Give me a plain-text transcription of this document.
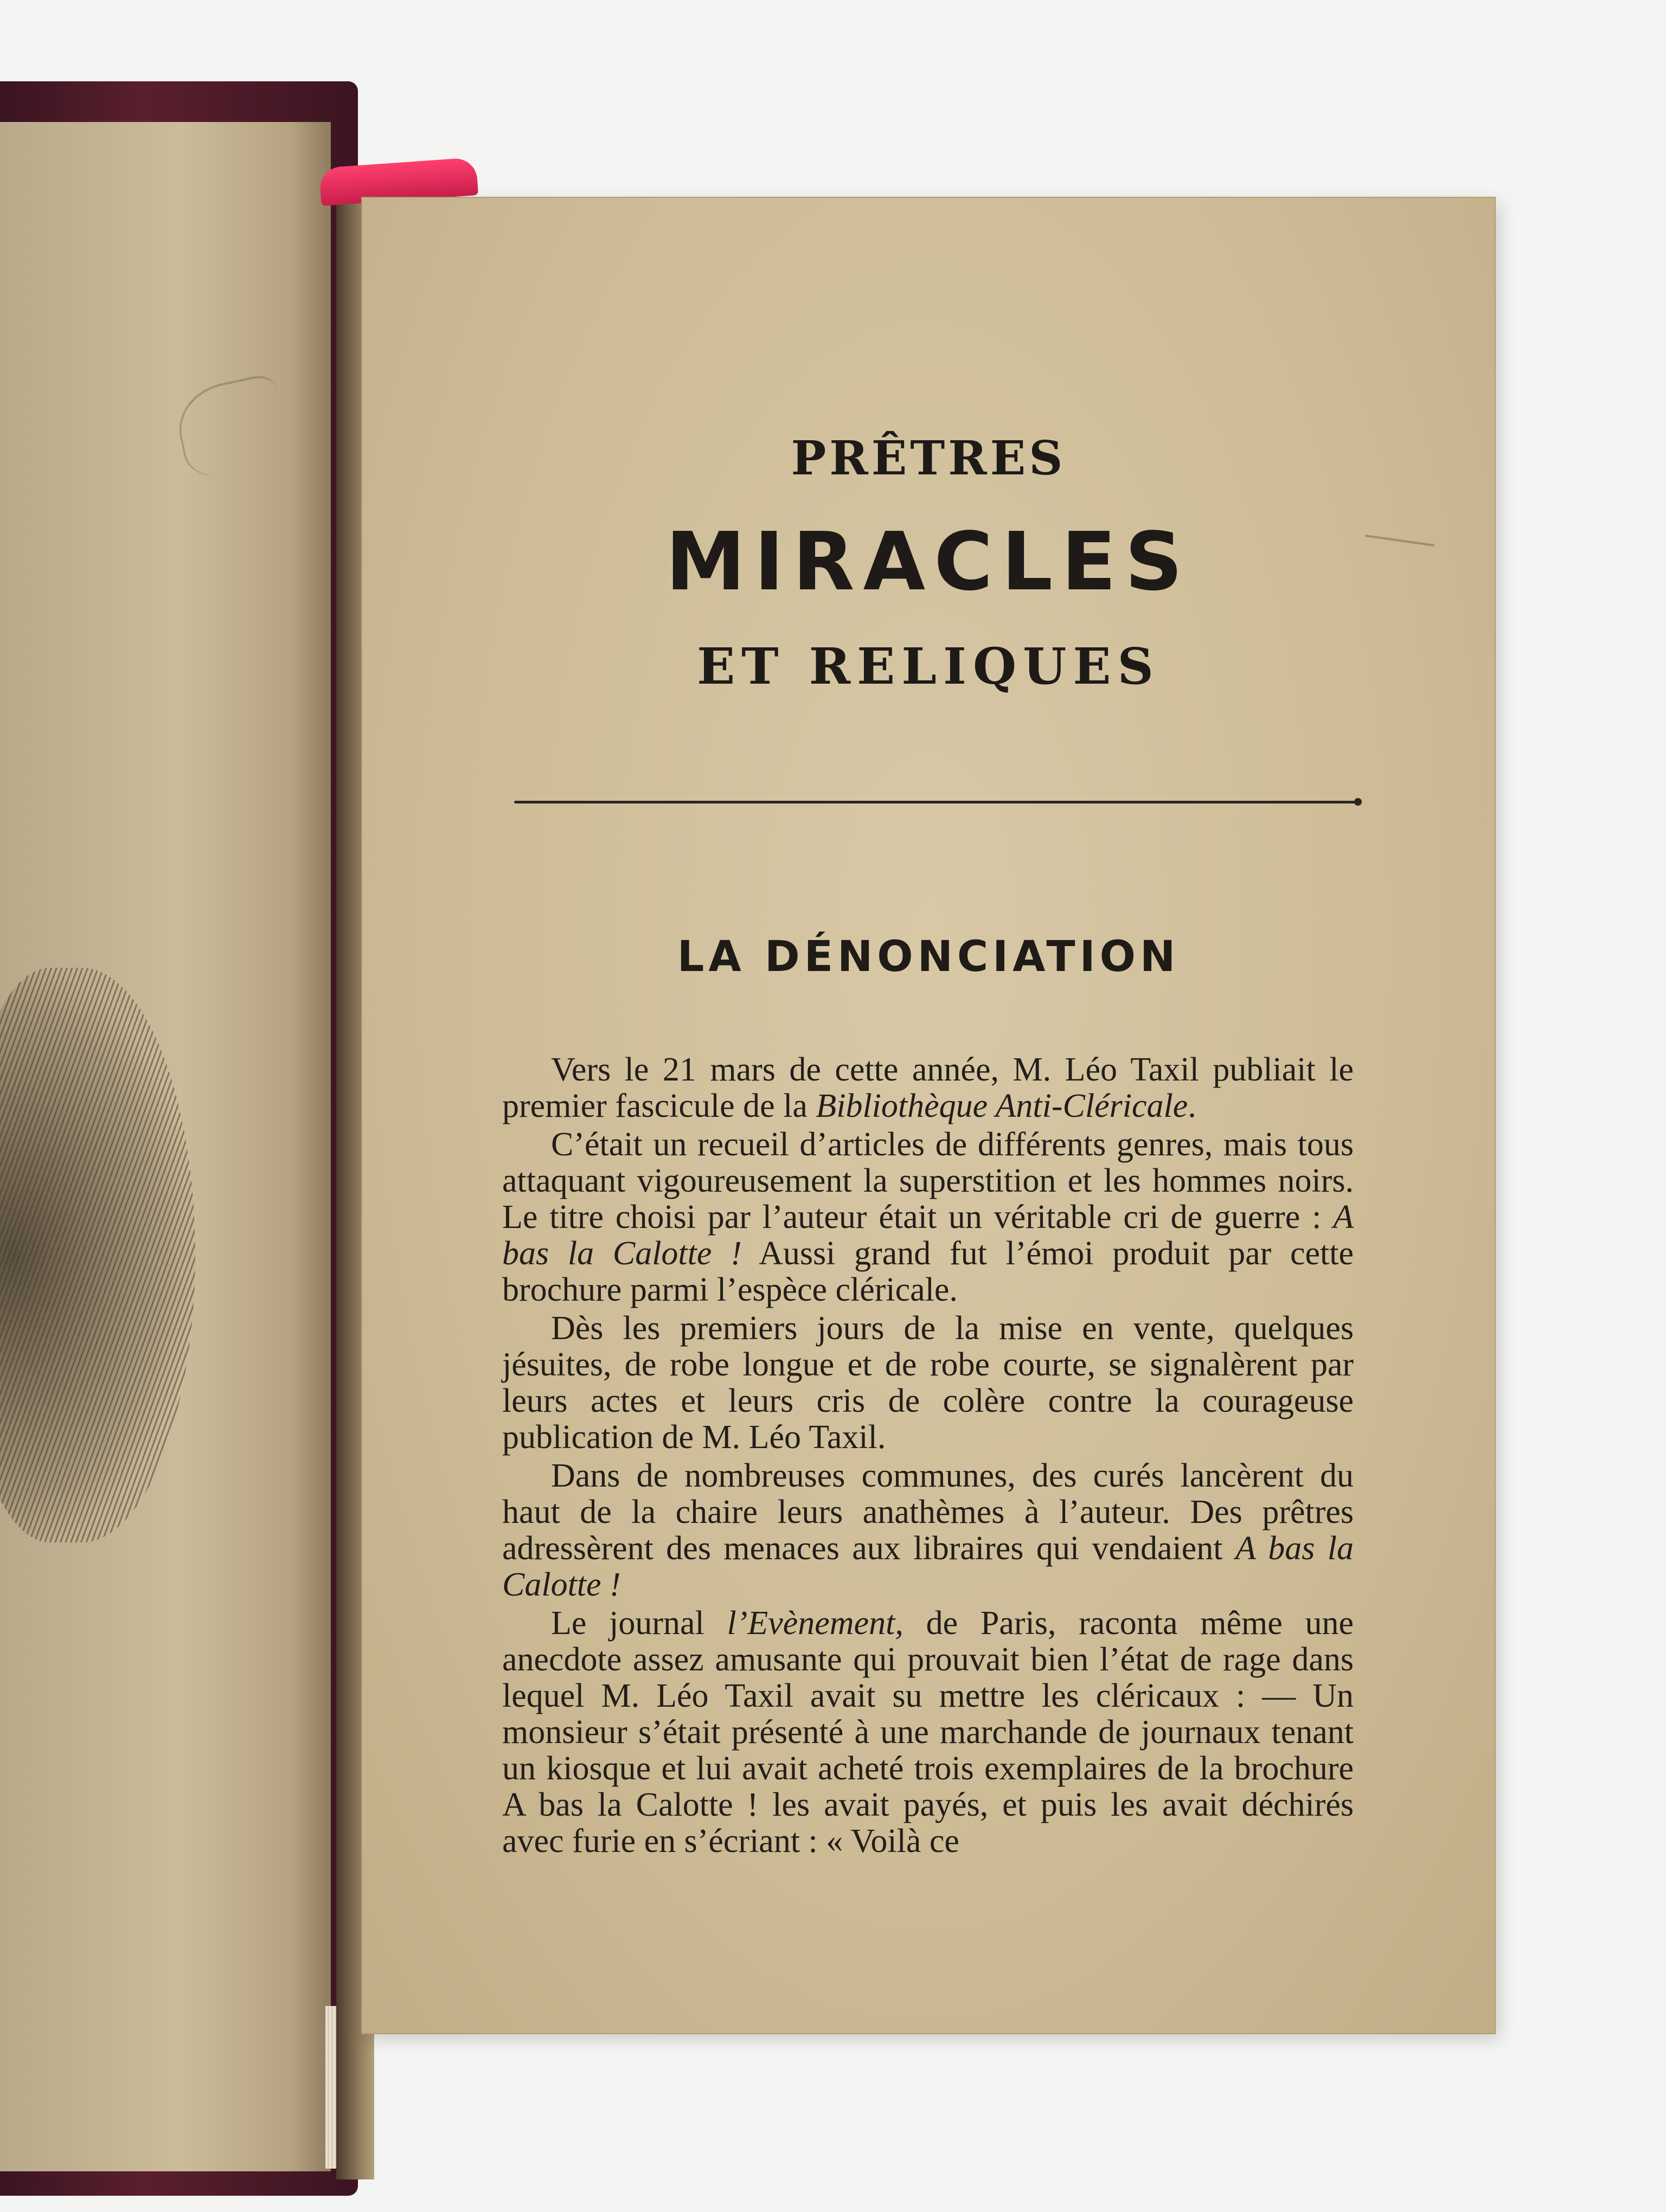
PRÊTRES
MIRACLES
ET RELIQUES
LA DÉNONCIATION

Vers le 21 mars de cette année, M. Léo Taxil publiait le premier fascicule de la Bibliothèque Anti-Cléricale.

C’était un recueil d’articles de différents genres, mais tous attaquant vigoureusement la superstition et les hommes noirs. Le titre choisi par l’auteur était un véritable cri de guerre : A bas la Calotte ! Aussi grand fut l’émoi produit par cette brochure parmi l’espèce cléricale.

Dès les premiers jours de la mise en vente, quelques jésuites, de robe longue et de robe courte, se signalèrent par leurs actes et leurs cris de colère contre la courageuse publication de M. Léo Taxil.

Dans de nombreuses communes, des curés lancèrent du haut de la chaire leurs anathèmes à l’auteur. Des prêtres adressèrent des menaces aux libraires qui vendaient A bas la Calotte !

Le journal l’Evènement, de Paris, raconta même une anecdote assez amusante qui prouvait bien l’état de rage dans lequel M. Léo Taxil avait su mettre les cléricaux : — Un monsieur s’était présenté à une marchande de journaux tenant un kiosque et lui avait acheté trois exemplaires de la brochure A bas la Calotte ! les avait payés, et puis les avait déchirés avec furie en s’écriant : « Voilà ce
